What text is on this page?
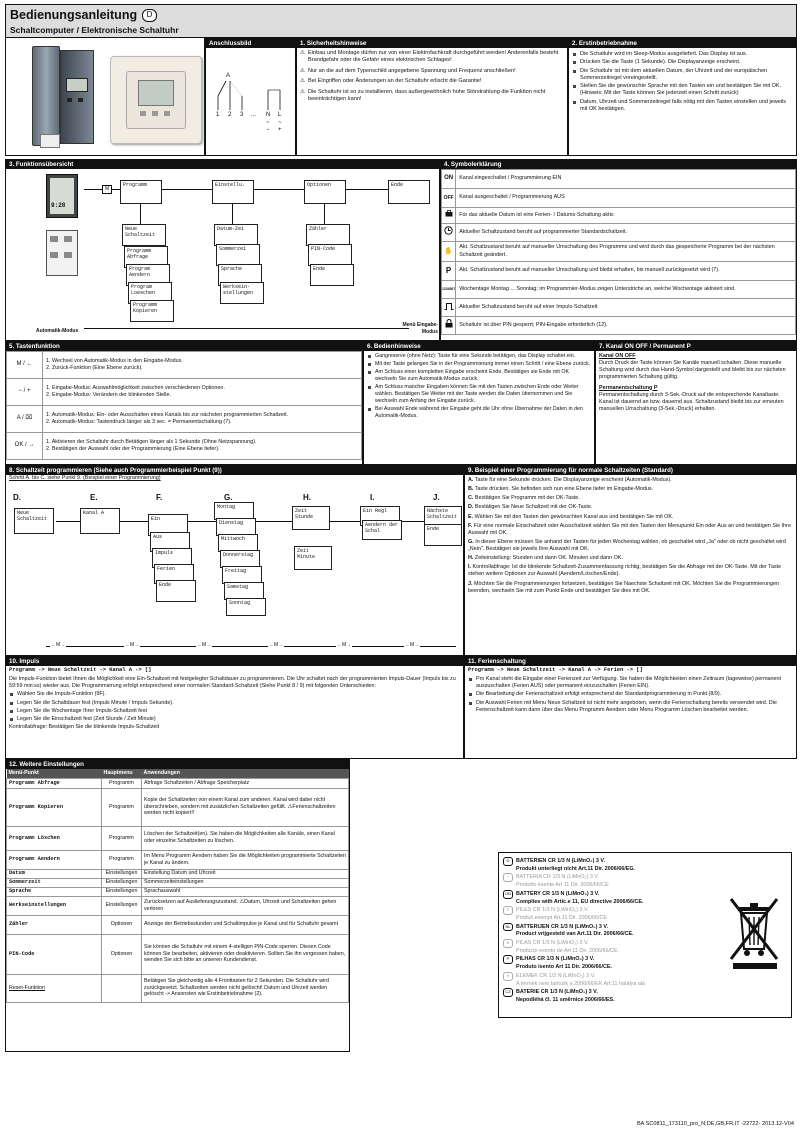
Bedienungsanleitung D
Schaltcomputer / Elektronische Schaltuhr
Anschlussbild
A
1 2 3 ... N L
~ ~
− +
1. Sicherheitshinweise
⚠ Einbau und Montage dürfen nur von einer Elektrofachkraft durchgeführt werden! Anderenfalls besteht Brandgefahr oder die Gefahr eines elektrischen Schlages!
⚠ Nur an die auf dem Typenschild angegebene Spannung und Frequenz anschließen!
⚠ Bei Eingriffen oder Änderungen an der Schaltuhr erlischt die Garantie!
⚠ Die Schaltuhr ist so zu installieren, dass außergewöhnlich hohe Störstrahlung die Funktion nicht beeinträchtigen kann!
2. Erstinbetriebnahme
Die Schaltuhr wird im Sleep-Modus ausgeliefert. Das Display ist aus.
Drücken Sie die Taste (1 Sekunde). Die Displayanzeige erscheint.
Die Schaltuhr ist mit dem aktuellen Datum, der Uhrzeit und der europäischen Sommerzeitregel voreingestellt.
Stellen Sie die gewünschte Sprache mit den Tasten ein und bestätigen Sie mit OK. (Hinweis: Mit der Taste können Sie jederzeit einen Schritt zurück)
Datum, Uhrzeit und Sommerzeitregel falls nötig mit den Tasten einstellen und jeweils mit OK bestätigen.
3. Funktionsübersicht
9:28
M
Programm	Einstellu.	Optionen	Ende
Neue Schaltzeit
Programm Abfrage
Program Aendern
Program Loeschen
Programm Kopieren
Datum-Zei
Sommerzei
Sprache
Werksein-stellungen
Zähler
PIN-Code
Ende
Automatik-Modus
Menü Eingabe-Modus
4. Symbolerklärung
ON	Kanal eingeschaltet / Programmierung EIN
OFF	Kanal ausgeschaltet / Programmierung AUS
	Für das aktuelle Datum ist eine Ferien- / Datums-Schaltung aktiv.
	Aktueller Schaltzustand beruht auf programmierter Standardschaltzeit.
✋	Akt. Schaltzustand beruht auf manueller Umschaltung des Programms und wird durch das gespeicherte Programm bei der nächsten Schaltzeit geändert.
P	Akt. Schaltzustand beruht auf manueller Umschaltung und bleibt erhalten, bis manuell zurückgesetzt wird (7).
1234567	Wochentage Montag ... Sonntag; im Programmier-Modus zeigen Unterstriche an, welche Wochentage aktiviert sind.
	Aktueller Schaltzustand beruht auf einer Impuls-Schaltzeit
	Schaltuhr ist über PIN gesperrt; PIN-Eingabe erforderlich (12).
5. Tastenfunktion
M / ←	1. Wechsel von Automatik-Modus in den Eingabe-Modus.
2. Zurück-Funktion (Eine Ebene zurück).

− / +	1. Eingabe-Modus: Auswahlmöglichkeit zwischen verschiedenen Optionen.
2. Eingabe-Modus: Verändern der blinkenden Stelle.

A / ⌧	1. Automatik-Modus: Ein- oder Ausschalten eines Kanals bis zur nächsten programmierten Schaltzeit.
2. Automatik-Modus: Tastendruck länger als 3 sec. = Permanentschaltung (7).

OK / →	1. Aktivieren der Schaltuhr durch Betätigen länger als 1 Sekunde (Ohne Netzspannung).
2. Bestätigen der Auswahl oder der Programmierung (Eine Ebene tiefer).
6. Bedienhinweise
Gangreserve (ohne Netz): Taste für eine Sekunde betätigen, das Display schaltet ein.
Mit der Taste gelangen Sie in der Programmierung immer einen Schritt / eine Ebene zurück.
Am Schluss einer kompletten Eingabe erscheint Ende. Bestätigen sie Ende mit OK wechseln Sie zum Automatik-Modus zurück.
Am Schluss mancher Eingaben können Sie mit den Tasten zwischen Ende oder Weiter wählen. Bestätigen Sie Weiter mit der Taste werden die Daten übernommen und Sie wechseln zum Anfang der Eingabe zurück.
Bei Auswahl Ende während der Eingabe geht die Uhr ohne Übernahme der Daten in den Automatik-Modus.
7. Kanal ON OFF / Permanent P
Kanal ON OFF
Durch Druck der Taste können Sie Kanäle manuell schalten. Diese manuelle Schaltung wird durch das Hand-Symbol dargestellt und bleibt bis zur nächsten programmierten Schaltung gültig.
Permanentschaltung P
Permanentschaltung durch 3-Sek.-Druck auf die entsprechende Kanaltaste. Kanal ist dauernd an bzw. dauernd aus. Schaltzustand bleibt bis zur erneuten manuellen Umschaltung (3-Sek.-Druck) erhalten.
8. Schaltzeit programmieren (Siehe auch Programmierbeispiel Punkt (9))
Schritt A. bis C. siehe Punkt 9. (Beispiel einer Programmierung)
D.	E.	F.	G.	H.	I.	J.
Neue Schaltzeit
Kanal A
Ein
Aus
Impuls
Ferien
Ende
Montag
Dienstag
Mittwoch
Donnerstag
Freitag
Samstag
Sonntag
Zeit Stunde
Zeit Minute
Ein Regl
Aendern der Schal
Nächste Schaltzeit
Ende
←M→	←M→	←M→	←M→	←M→	←M→
9. Beispiel einer Programmierung für normale Schaltzeiten (Standard)
A. Taste für eine Sekunde drücken. Die Displayanzeige erscheint (Automatik-Modus).
B. Taste drücken. Sie befinden sich nun eine Ebene tiefer im Eingabe-Modus.
C. Bestätigen Sie Programm mit der OK-Taste.
D. Bestätigen Sie Neue Schaltzeit mit der OK-Taste.
E. Wählen Sie mit den Tasten den gewünschten Kanal aus und bestätigen Sie mit OK.
F. Für eine normale Einschaltzeit oder Ausschaltzeit wählen Sie mit den Tasten den Menupunkt Ein oder Aus an und bestätigen Sie Ihre Auswahl mit OK.
G. In dieser Ebene müssen Sie anhand der Tasten für jeden Wochentag wählen, ob geschaltet wird „Ja" oder ob nicht geschaltet wird „Nein". Bestätigen sie jeweils Ihre Auswahl mit OK.
H. Zeiteinstellung: Stunden und dann OK. Minuten und dann OK.
I. Kontrollabfrage: Ist die blinkende Schaltzeit-Zusammenfassung richtig, bestätigen Sie die Abfrage mit der OK-Taste. Mit der Taste stehen weitere Optionen zur Auswahl (Aendern/Löschen/Ende).
J. Möchten Sie die Programmierungen fortsetzen, bestätigen Sie Naechste Schaltzeit mit OK. Möchten Sie die Programmierungen beenden, wechseln Sie mit zum Punkt Ende und bestätigen Sie dies mit OK.
10. Impuls
Programm -> Neue Schaltzeit -> Kanal A -> []
Die Impuls-Funktion bietet Ihnen die Möglichkeit eine Ein-Schaltzeit mit festgelegter Schaltdauer zu programmieren. Die Uhr schaltet nach der programmierten Impuls-Dauer (Impuls bis zu 59:59 min:ss) wieder aus. Die Programmierung erfolgt entsprechend einer normalen Standard-Schaltzeit (Siehe Punkt 8 / 9) mit folgenden Unterschieden:
Wählen Sie die Impuls-Funktion (9F).
Legen Sie die Schaltdauer fest (Impuls Minute / Impuls Sekunde).
Legen Sie die Wochentage Ihrer Impuls-Schaltzeit fest
Legen Sie die Einschaltzeit fest (Zeit Stunde / Zeit Minute)
Kontrollabfrage: Bestätigen Sie die blinkende Impuls-Schaltzeit
11. Ferienschaltung
Programm -> Neue Schaltzeit -> Kanal A -> Ferien -> []
Pro Kanal steht die Eingabe einer Ferienzeit zur Verfügung. Sie haben die Möglichkeiten einen Zeitraum (tageweise) permanent auszuschalten (Ferien AUS) oder permanent einzuschalten (Ferien EIN).
Die Bearbeitung der Ferienschaltzeit erfolgt entsprechend der Standardprogrammierung in Punkt (8/9).
Die Auswahl Ferien mit Menu Neue Schaltzeit ist nicht mehr angeboten, wenn die Ferienschaltung bereits verwendet wird. Die Ferienschaltzeit kann dann über das Menu Programm Aendern oder Menu Programm Löschen bearbeitet werden.
12. Weitere Einstellungen
Menü-Punkt	Hauptmenu	Anwendungen
Programm Abfrage	Programm	Abfrage Schaltzeiten / Abfrage Speicherplatz
Programm Kopieren	Programm	Kopie der Schaltzeiten von einem Kanal zum anderen. Kanal wird dabei nicht überschrieben, sondern mit zusätzlichen Schaltzeiten gefüllt. ⚠Ferienschaltzeiten werden nicht kopiert!!
Programm Löschen	Programm	Löschen der Schaltzeit(en). Sie haben die Möglichkeiten alle Kanäle, einen Kanal oder einzelne Schaltzeiten zu löschen.
Programm Aendern	Programm	Im Menu Programm Aendern haben Sie die Möglichkeiten programmierte Schaltzeiten je Kanal zu ändern.
Datum	Einstellungen	Einstellung Datum und Uhrzeit
Sommerzeit	Einstellungen	Sommerzeiteinstellungen
Sprache	Einstellungen	Sprachauswahl
Werkseinstellungen	Einstellungen	Zurücksetzen auf Auslieferungszustand. ⚠Datum, Uhrzeit und Schaltzeiten gehen verloren
Zähler	Optionen	Anzeige der Betriebsstunden und Schaltimpulse je Kanal und für Schaltuhr gesamt
PIN-Code	Optionen	Sie können die Schaltuhr mit einem 4-stelligen PIN-Code sperren. Diesen Code können Sie bearbeiten, aktivieren oder deaktivieren. Sollten Sie ihn vergessen haben, wenden Sie sich bitte an unseren Kundendienst.
Reset-Funktion		Betätigen Sie gleichzeitig alle 4 Fronttasten für 2 Sekunden. Die Schaltuhr wird zurückgesetzt. Schaltzeiten werden nicht gelöscht! Datum und Uhrzeit werden gelöscht -> Ansonsten wie Erstinbetriebnahme (2).
D BATTERIEN CR 1/3 N (LiMnO₂) 3 V.
Produkt unterliegt nicht Art.11 Dir. 2006/66/EG.
I BATTERIA CR 1/3 N (LiMnO₂) 3 V.
Prodotto esente Art 11 Dir. 2006/66/CE
GB BATTERY CR 1/3 N (LiMnO₂) 3 V.
Complies with Artic.e 11, EU directive 2006/66/CE.
F PILES CR 1/3 N (LiMnO₂) 3 V.
Produit exempt Art.11 Dir. 2006/66/CE.
NL BATTERIJEN CR 1/3 N (LiMnO₂) 3 V.
Product vrijgesteld van Art.11 Dir. 2006/66/CE.
E PILAS CR 1/3 N (LiMnO₂) 3 V.
Producto exento de Art.11 Dir. 2006/66/CE.
P PILHAS CR 1/3 N (LiMnO₂) 3 V.
Produto isento Art 11 Dir. 2006/66/CE.
H ELEMEK CR 1/3 N (LiMnO₂) 3 V.
A termék nem tartozik a 2006/66/EK Art.11 hatálya alá
CZ BATERIE CR 1/3 N (LiMnO₂) 3 V.
Nepodléhá čl. 11 směrnice 2006/66/ES.
BA SC0811_173110_pro_N;DE,GB,FR,IT -22722- 2013.12-V04
